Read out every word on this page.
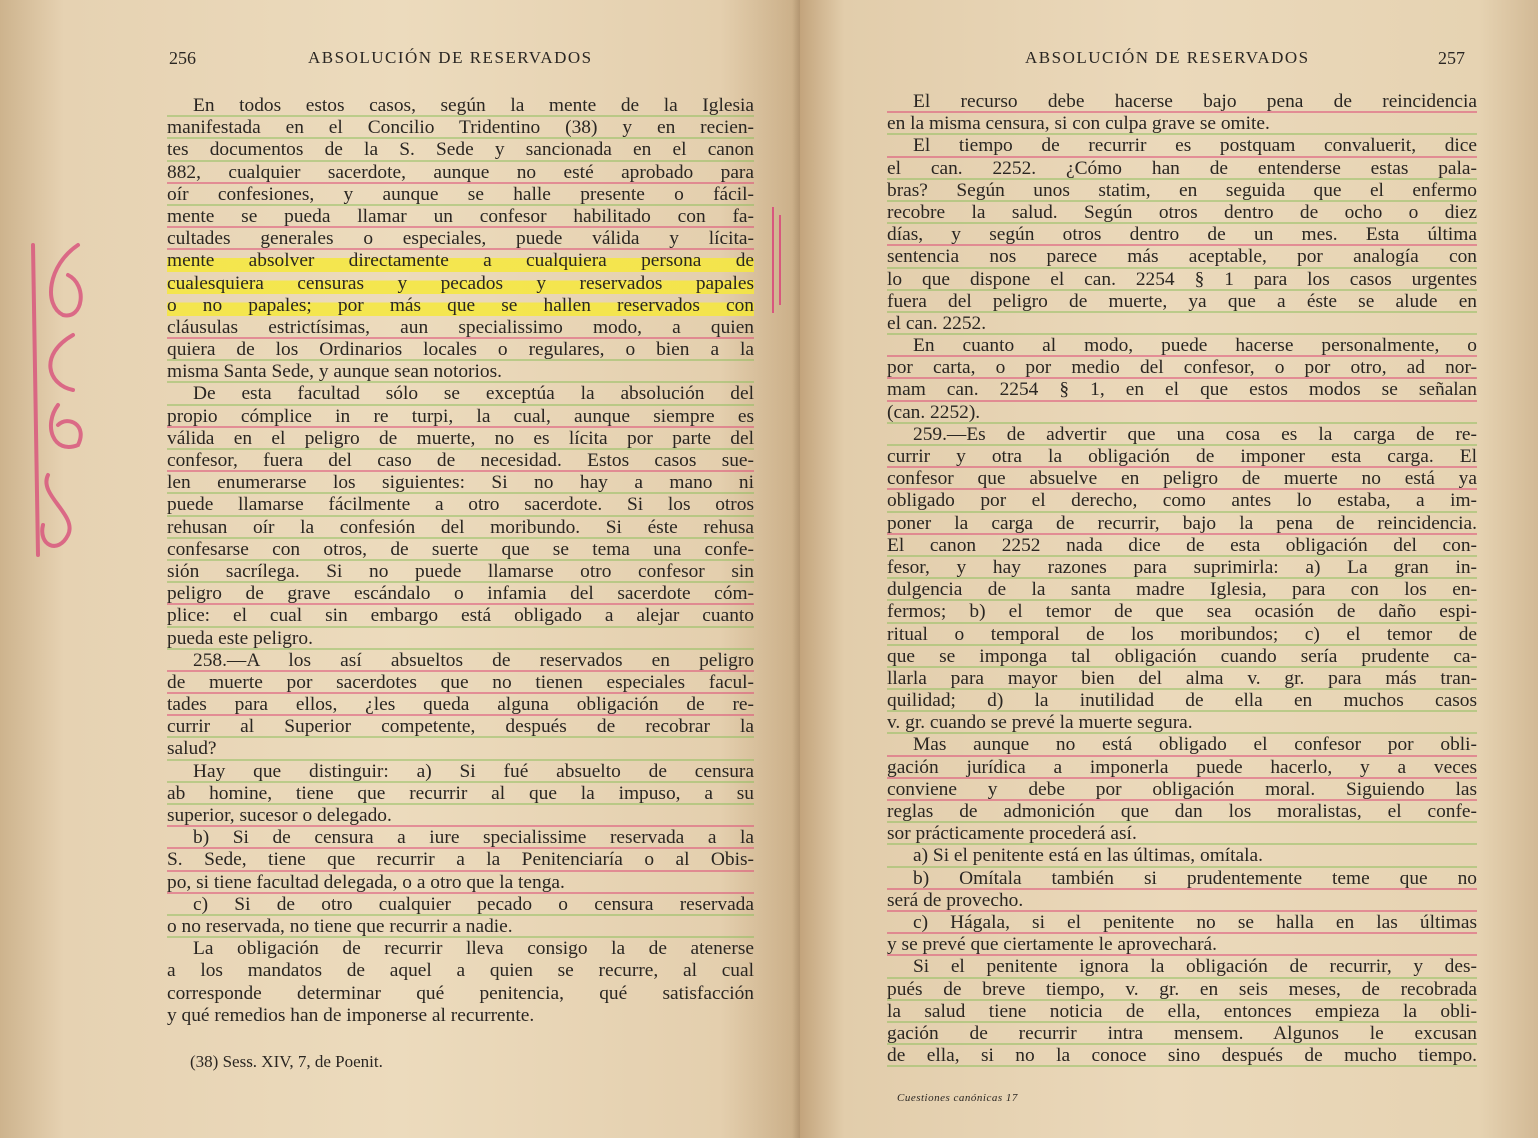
256	ABSOLUCIÓN DE RESERVADOS
En todos estos casos, según la mente de la Iglesia
manifestada en el Concilio Tridentino (38) y en recien-
tes documentos de la S. Sede y sancionada en el canon
882, cualquier sacerdote, aunque no esté aprobado para
oír confesiones, y aunque se halle presente o fácil-
mente se pueda llamar un confesor habilitado con fa-
cultades generales o especiales, puede válida y lícita-
mente absolver directamente a cualquiera persona de
cualesquiera censuras y pecados y reservados papales
o no papales; por más que se hallen reservados con
cláusulas estrictísimas, aun specialissimo modo, a quien
quiera de los Ordinarios locales o regulares, o bien a la
misma Santa Sede, y aunque sean notorios.
De esta facultad sólo se exceptúa la absolución del
propio cómplice in re turpi, la cual, aunque siempre es
válida en el peligro de muerte, no es lícita por parte del
confesor, fuera del caso de necesidad. Estos casos sue-
len enumerarse los siguientes: Si no hay a mano ni
puede llamarse fácilmente a otro sacerdote. Si los otros
rehusan oír la confesión del moribundo. Si éste rehusa
confesarse con otros, de suerte que se tema una confe-
sión sacrílega. Si no puede llamarse otro confesor sin
peligro de grave escándalo o infamia del sacerdote cóm-
plice: el cual sin embargo está obligado a alejar cuanto
pueda este peligro.
258.—A los así absueltos de reservados en peligro
de muerte por sacerdotes que no tienen especiales facul-
tades para ellos, ¿les queda alguna obligación de re-
currir al Superior competente, después de recobrar la
salud?
Hay que distinguir: a) Si fué absuelto de censura
ab homine, tiene que recurrir al que la impuso, a su
superior, sucesor o delegado.
b) Si de censura a iure specialissime reservada a la
S. Sede, tiene que recurrir a la Penitenciaría o al Obis-
po, si tiene facultad delegada, o a otro que la tenga.
c) Si de otro cualquier pecado o censura reservada
o no reservada, no tiene que recurrir a nadie.
La obligación de recurrir lleva consigo la de atenerse
a los mandatos de aquel a quien se recurre, al cual
corresponde determinar qué penitencia, qué satisfacción
y qué remedios han de imponerse al recurrente.
(38) Sess. XIV, 7, de Poenit.
ABSOLUCIÓN DE RESERVADOS	257
El recurso debe hacerse bajo pena de reincidencia
en la misma censura, si con culpa grave se omite.
El tiempo de recurrir es postquam convaluerit, dice
el can. 2252. ¿Cómo han de entenderse estas pala-
bras? Según unos statim, en seguida que el enfermo
recobre la salud. Según otros dentro de ocho o diez
días, y según otros dentro de un mes. Esta última
sentencia nos parece más aceptable, por analogía con
lo que dispone el can. 2254 § 1 para los casos urgentes
fuera del peligro de muerte, ya que a éste se alude en
el can. 2252.
En cuanto al modo, puede hacerse personalmente, o
por carta, o por medio del confesor, o por otro, ad nor-
mam can. 2254 § 1, en el que estos modos se señalan
(can. 2252).
259.—Es de advertir que una cosa es la carga de re-
currir y otra la obligación de imponer esta carga. El
confesor que absuelve en peligro de muerte no está ya
obligado por el derecho, como antes lo estaba, a im-
poner la carga de recurrir, bajo la pena de reincidencia.
El canon 2252 nada dice de esta obligación del con-
fesor, y hay razones para suprimirla: a) La gran in-
dulgencia de la santa madre Iglesia, para con los en-
fermos; b) el temor de que sea ocasión de daño espi-
ritual o temporal de los moribundos; c) el temor de
que se imponga tal obligación cuando sería prudente ca-
llarla para mayor bien del alma v. gr. para más tran-
quilidad; d) la inutilidad de ella en muchos casos
v. gr. cuando se prevé la muerte segura.
Mas aunque no está obligado el confesor por obli-
gación jurídica a imponerla puede hacerlo, y a veces
conviene y debe por obligación moral. Siguiendo las
reglas de admonición que dan los moralistas, el confe-
sor prácticamente procederá así.
a) Si el penitente está en las últimas, omítala.
b) Omítala también si prudentemente teme que no
será de provecho.
c) Hágala, si el penitente no se halla en las últimas
y se prevé que ciertamente le aprovechará.
Si el penitente ignora la obligación de recurrir, y des-
pués de breve tiempo, v. gr. en seis meses, de recobrada
la salud tiene noticia de ella, entonces empieza la obli-
gación de recurrir intra mensem. Algunos le excusan
de ella, si no la conoce sino después de mucho tiempo.
Cuestiones canónicas 17
